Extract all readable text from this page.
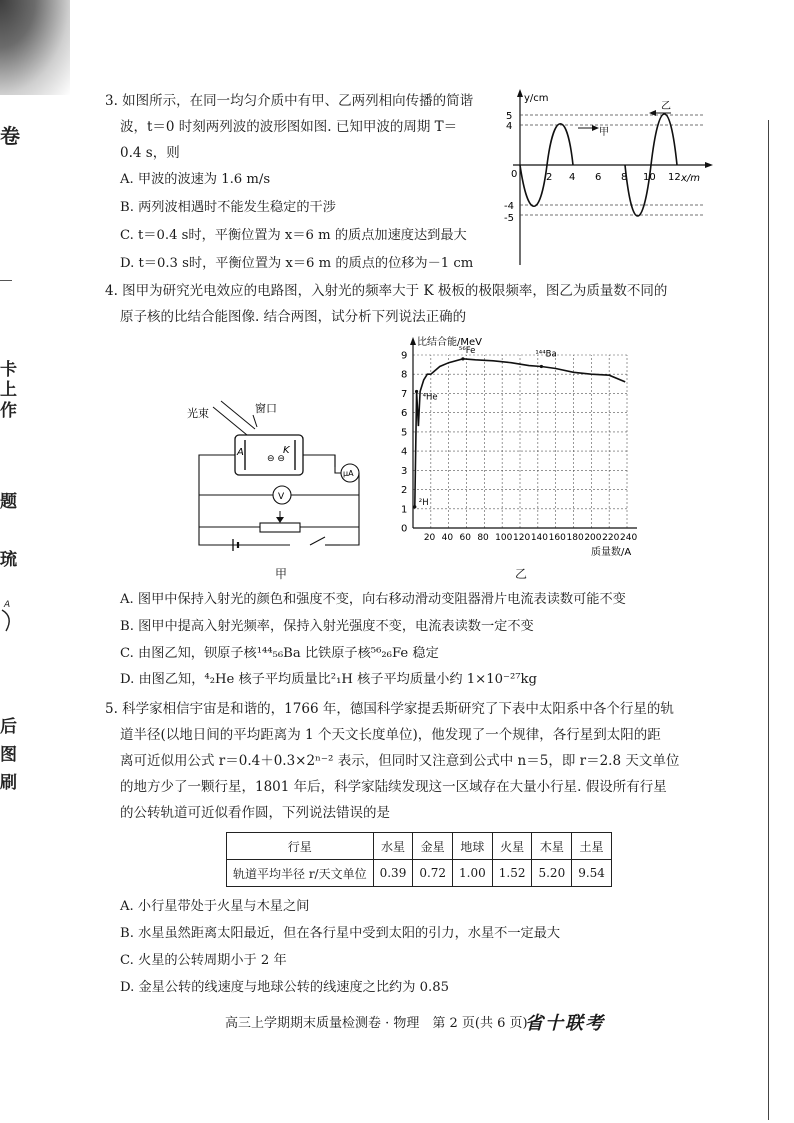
卷
卡
上
作
题
琉
后
图
刷
A
3. 如图所示，在同一均匀介质中有甲、乙两列相向传播的简谐
波，t＝0 时刻两列波的波形图如图. 已知甲波的周期 T＝
0.4 s，则
A. 甲波的波速为 1.6 m/s
B. 两列波相遇时不能发生稳定的干涉
C. t＝0.4 s时，平衡位置为 x＝6 m 的质点加速度达到最大
D. t＝0.3 s时，平衡位置为 x＝6 m 的质点的位移为－1 cm
y/cm
x/m
0
5
4
-4
-5
2 4 6 8 10 12
甲
乙
4. 图甲为研究光电效应的电路图，入射光的频率大于 K 极板的极限频率，图乙为质量数不同的
原子核的比结合能图像. 结合两图，试分析下列说法正确的
光束	窗口
A	K
⊖ ⊖
μA
V
甲
比结合能/MeV
质量数/A
0
1
2
3
4
5
6
7
8
9
20 40 60 80 100 120 140 160 180 200 220 240
²H
⁴He
⁵⁶Fe	¹⁴⁴Ba
乙
A. 图甲中保持入射光的颜色和强度不变，向右移动滑动变阻器滑片电流表读数可能不变
B. 图甲中提高入射光频率，保持入射光强度不变，电流表读数一定不变
C. 由图乙知，钡原子核¹⁴⁴₅₆Ba 比铁原子核⁵⁶₂₆Fe 稳定
D. 由图乙知，⁴₂He 核子平均质量比²₁H 核子平均质量小约 1×10⁻²⁷kg
5. 科学家相信宇宙是和谐的，1766 年，德国科学家提丢斯研究了下表中太阳系中各个行星的轨
道半径(以地日间的平均距离为 1 个天文长度单位)，他发现了一个规律，各行星到太阳的距
离可近似用公式 r＝0.4＋0.3×2ⁿ⁻² 表示，但同时又注意到公式中 n＝5，即 r＝2.8 天文单位
的地方少了一颗行星，1801 年后，科学家陆续发现这一区域存在大量小行星. 假设所有行星
的公转轨道可近似看作圆，下列说法错误的是
行星	水星	金星	地球	火星	木星	土星
轨道平均半径 r/天文单位	0.39	0.72	1.00	1.52	5.20	9.54
A. 小行星带处于火星与木星之间
B. 水星虽然距离太阳最近，但在各行星中受到太阳的引力，水星不一定最大
C. 火星的公转周期小于 2 年
D. 金星公转的线速度与地球公转的线速度之比约为 0.85
高三上学期期末质量检测卷 · 物理　第 2 页(共 6 页)
省十联考
